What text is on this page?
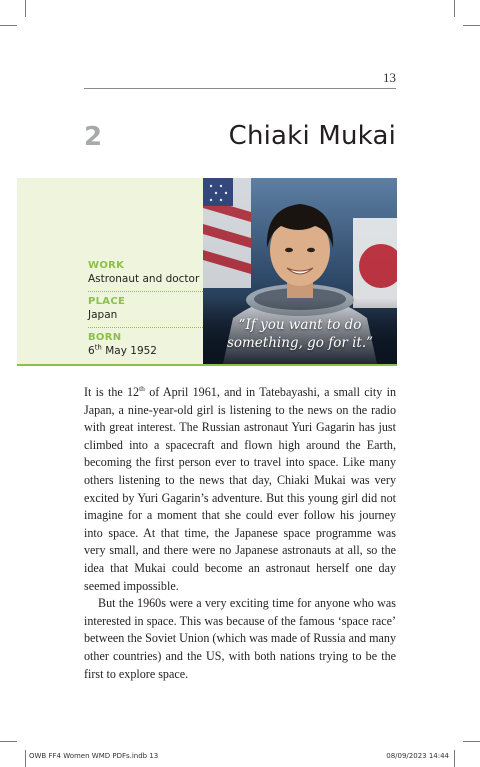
13
2	Chiaki Mukai
WORK
Astronaut and doctor
PLACE
Japan
BORN
6th May 1952
“If you want to do
something, go for it.”

It is the 12th of April 1961, and in Tatebayashi, a small city in Japan, a nine-year-old girl is listening to the news on the radio with great interest. The Russian astronaut Yuri Gagarin has just climbed into a spacecraft and flown high around the Earth, becoming the first person ever to travel into space. Like many others listening to the news that day, Chiaki Mukai was very excited by Yuri Gagarin’s adventure. But this young girl did not imagine for a moment that she could ever follow his journey into space. At that time, the Japanese space programme was very small, and there were no Japanese astronauts at all, so the idea that Mukai could become an astronaut herself one day seemed impossible.

But the 1960s were a very exciting time for anyone who was interested in space. This was because of the famous ‘space race’ between the Soviet Union (which was made of Russia and many other countries) and the US, with both nations trying to be the first to explore space.

OWB FF4 Women WMD PDFs.indb 13	08/09/2023 14:44
